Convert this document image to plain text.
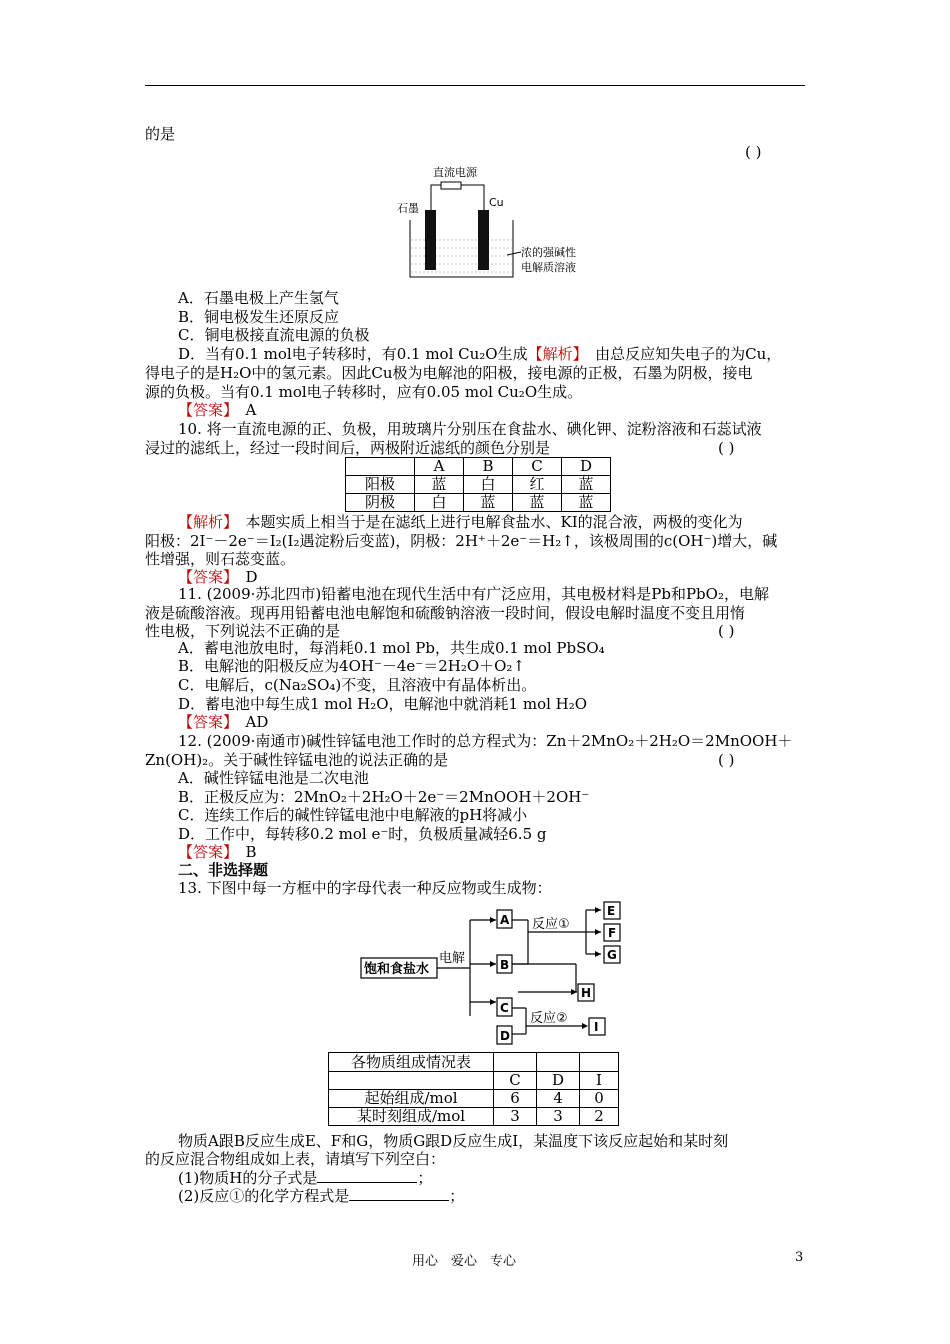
的是
( )
直流电源
石墨	Cu
浓的强碱性
电解质溶液
A．石墨电极上产生氢气
B．铜电极发生还原反应
C．铜电极接直流电源的负极
D．当有0.1 mol电子转移时，有0.1 mol Cu₂O生成【解析】　 由总反应知失电子的为Cu，
得电子的是H₂O中的氢元素。因此Cu极为电解池的阳极，接电源的正极，石墨为阴极，接电
源的负极。当有0.1 mol电子转移时，应有0.05 mol Cu₂O生成。
【答案】　 A
10. 将一直流电源的正、负极，用玻璃片分别压在食盐水、碘化钾、淀粉溶液和石蕊试液
浸过的滤纸上，经过一段时间后，两极附近滤纸的颜色分别是	( )
	A	B	C	D
阳极	蓝	白	红	蓝
阴极	白	蓝	蓝	蓝
【解析】　 本题实质上相当于是在滤纸上进行电解食盐水、KI的混合液，两极的变化为
阳极：2I⁻－2e⁻＝I₂(I₂遇淀粉后变蓝)，阴极：2H⁺＋2e⁻＝H₂↑，该极周围的c(OH⁻)增大，碱
性增强，则石蕊变蓝。
【答案】　 D
11. (2009·苏北四市)铅蓄电池在现代生活中有广泛应用，其电极材料是Pb和PbO₂，电解
液是硫酸溶液。现再用铅蓄电池电解饱和硫酸钠溶液一段时间，假设电解时温度不变且用惰
性电极，下列说法不正确的是	( )
A．蓄电池放电时，每消耗0.1 mol Pb，共生成0.1 mol PbSO₄
B．电解池的阳极反应为4OH⁻－4e⁻＝2H₂O＋O₂↑
C．电解后，c(Na₂SO₄)不变，且溶液中有晶体析出。
D．蓄电池中每生成1 mol H₂O，电解池中就消耗1 mol H₂O
【答案】　 AD
12. (2009·南通市)碱性锌锰电池工作时的总方程式为：Zn＋2MnO₂＋2H₂O＝2MnOOH＋
Zn(OH)₂。关于碱性锌锰电池的说法正确的是	( )
A．碱性锌锰电池是二次电池
B．正极反应为：2MnO₂＋2H₂O＋2e⁻＝2MnOOH＋2OH⁻
C．连续工作后的碱性锌锰电池中电解液的pH将减小
D．工作中，每转移0.2 mol e⁻时，负极质量减轻6.5 g
【答案】　 B
二、非选择题
13. 下图中每一方框中的字母代表一种反应物或生成物：
饱和食盐水
电解
反应①
反应②
A
B
C
D
E
F
G
H
I
各物质组成情况表			
	C	D	I
起始组成/mol	6	4	0
某时刻组成/mol	3	3	2
物质A跟B反应生成E、F和G，物质G跟D反应生成I，某温度下该反应起始和某时刻
的反应混合物组成如上表，请填写下列空白：
(1)物质H的分子式是	；
(2)反应①的化学方程式是	；
用心　爱心　专心	3
